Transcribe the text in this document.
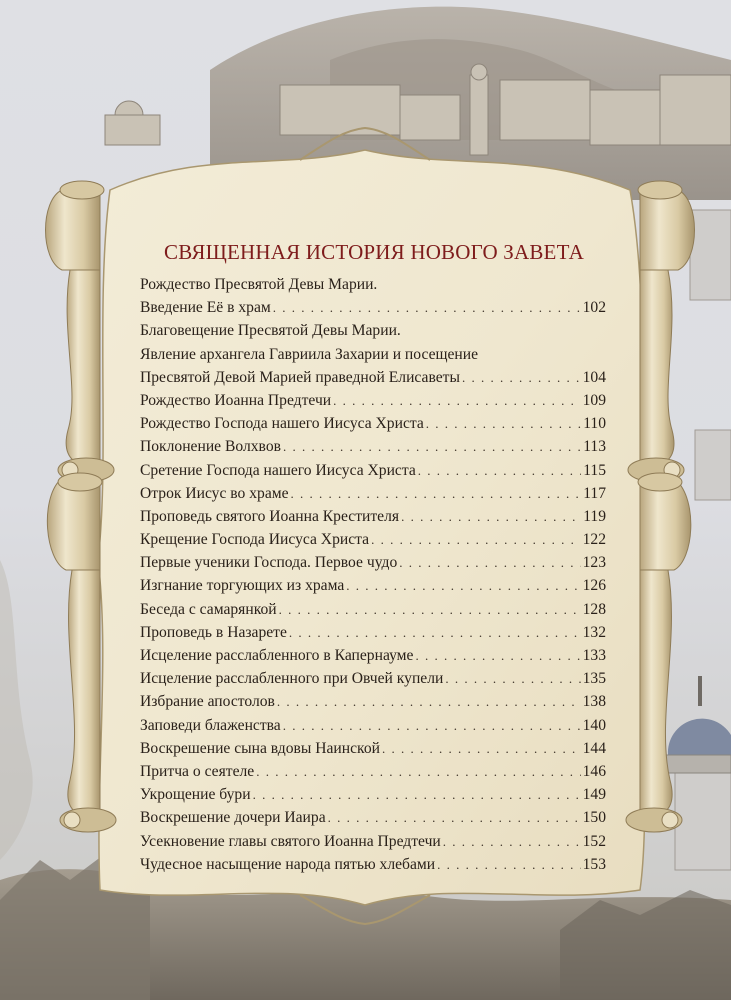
СВЯЩЕННАЯ ИСТОРИЯ НОВОГО ЗАВЕТА
Рождество Пресвятой Девы Марии.
Введение Её в храм . . .	102
Благовещение Пресвятой Девы Марии.
Явление архангела Гавриила Захарии и посещение
Пресвятой Девой Марией праведной Елисаветы . . .	104
Рождество Иоанна Предтечи . . .	109
Рождество Господа нашего Иисуса Христа . . .	110
Поклонение Волхвов . . .	113
Сретение Господа нашего Иисуса Христа . . .	115
Отрок Иисус во храме . . .	117
Проповедь святого Иоанна Крестителя . . .	119
Крещение Господа Иисуса Христа . . .	122
Первые ученики Господа. Первое чудо . . .	123
Изгнание торгующих из храма . . .	126
Беседа с самарянкой . . .	128
Проповедь в Назарете . . .	132
Исцеление расслабленного в Капернауме . . .	133
Исцеление расслабленного при Овчей купели . . .	135
Избрание апостолов . . .	138
Заповеди блаженства . . .	140
Воскрешение сына вдовы Наинской . . .	144
Притча о сеятеле . . .	146
Укрощение бури . . .	149
Воскрешение дочери Иаира . . .	150
Усекновение главы святого Иоанна Предтечи . . .	152
Чудесное насыщение народа пятью хлебами . . .	153
